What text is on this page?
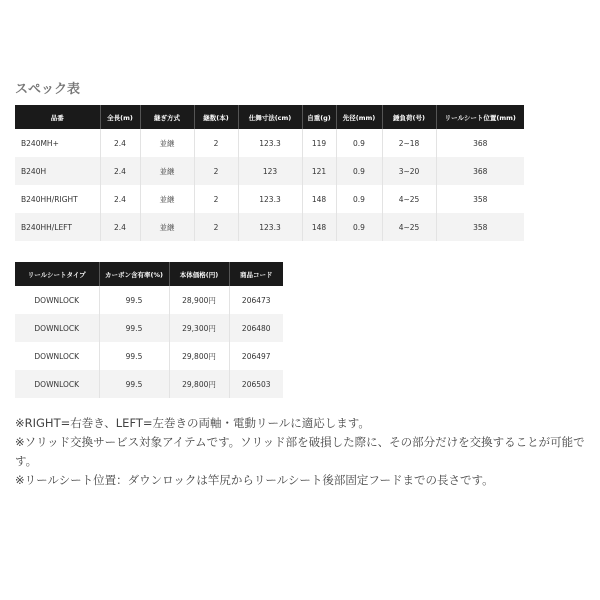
スペック表
品番	全長(m)	継ぎ方式	継数(本)	仕舞寸法(cm)	自重(g)	先径(mm)	錘負荷(号)	リールシート位置(mm)
B240MH+	2.4	並継	2	123.3	119	0.9	2~18	368
B240H	2.4	並継	2	123	121	0.9	3~20	368
B240HH/RIGHT	2.4	並継	2	123.3	148	0.9	4~25	358
B240HH/LEFT	2.4	並継	2	123.3	148	0.9	4~25	358
リールシートタイプ	カーボン含有率(%)	本体価格(円)	商品コード
DOWNLOCK	99.5	28,900円	206473
DOWNLOCK	99.5	29,300円	206480
DOWNLOCK	99.5	29,800円	206497
DOWNLOCK	99.5	29,800円	206503

※RIGHT=右巻き、LEFT=左巻きの両軸・電動リールに適応します。

※ソリッド交換サービス対象アイテムです。ソリッド部を破損した際に、その部分だけを交換することが可能です。

※リールシート位置：ダウンロックは竿尻からリールシート後部固定フードまでの長さです。
